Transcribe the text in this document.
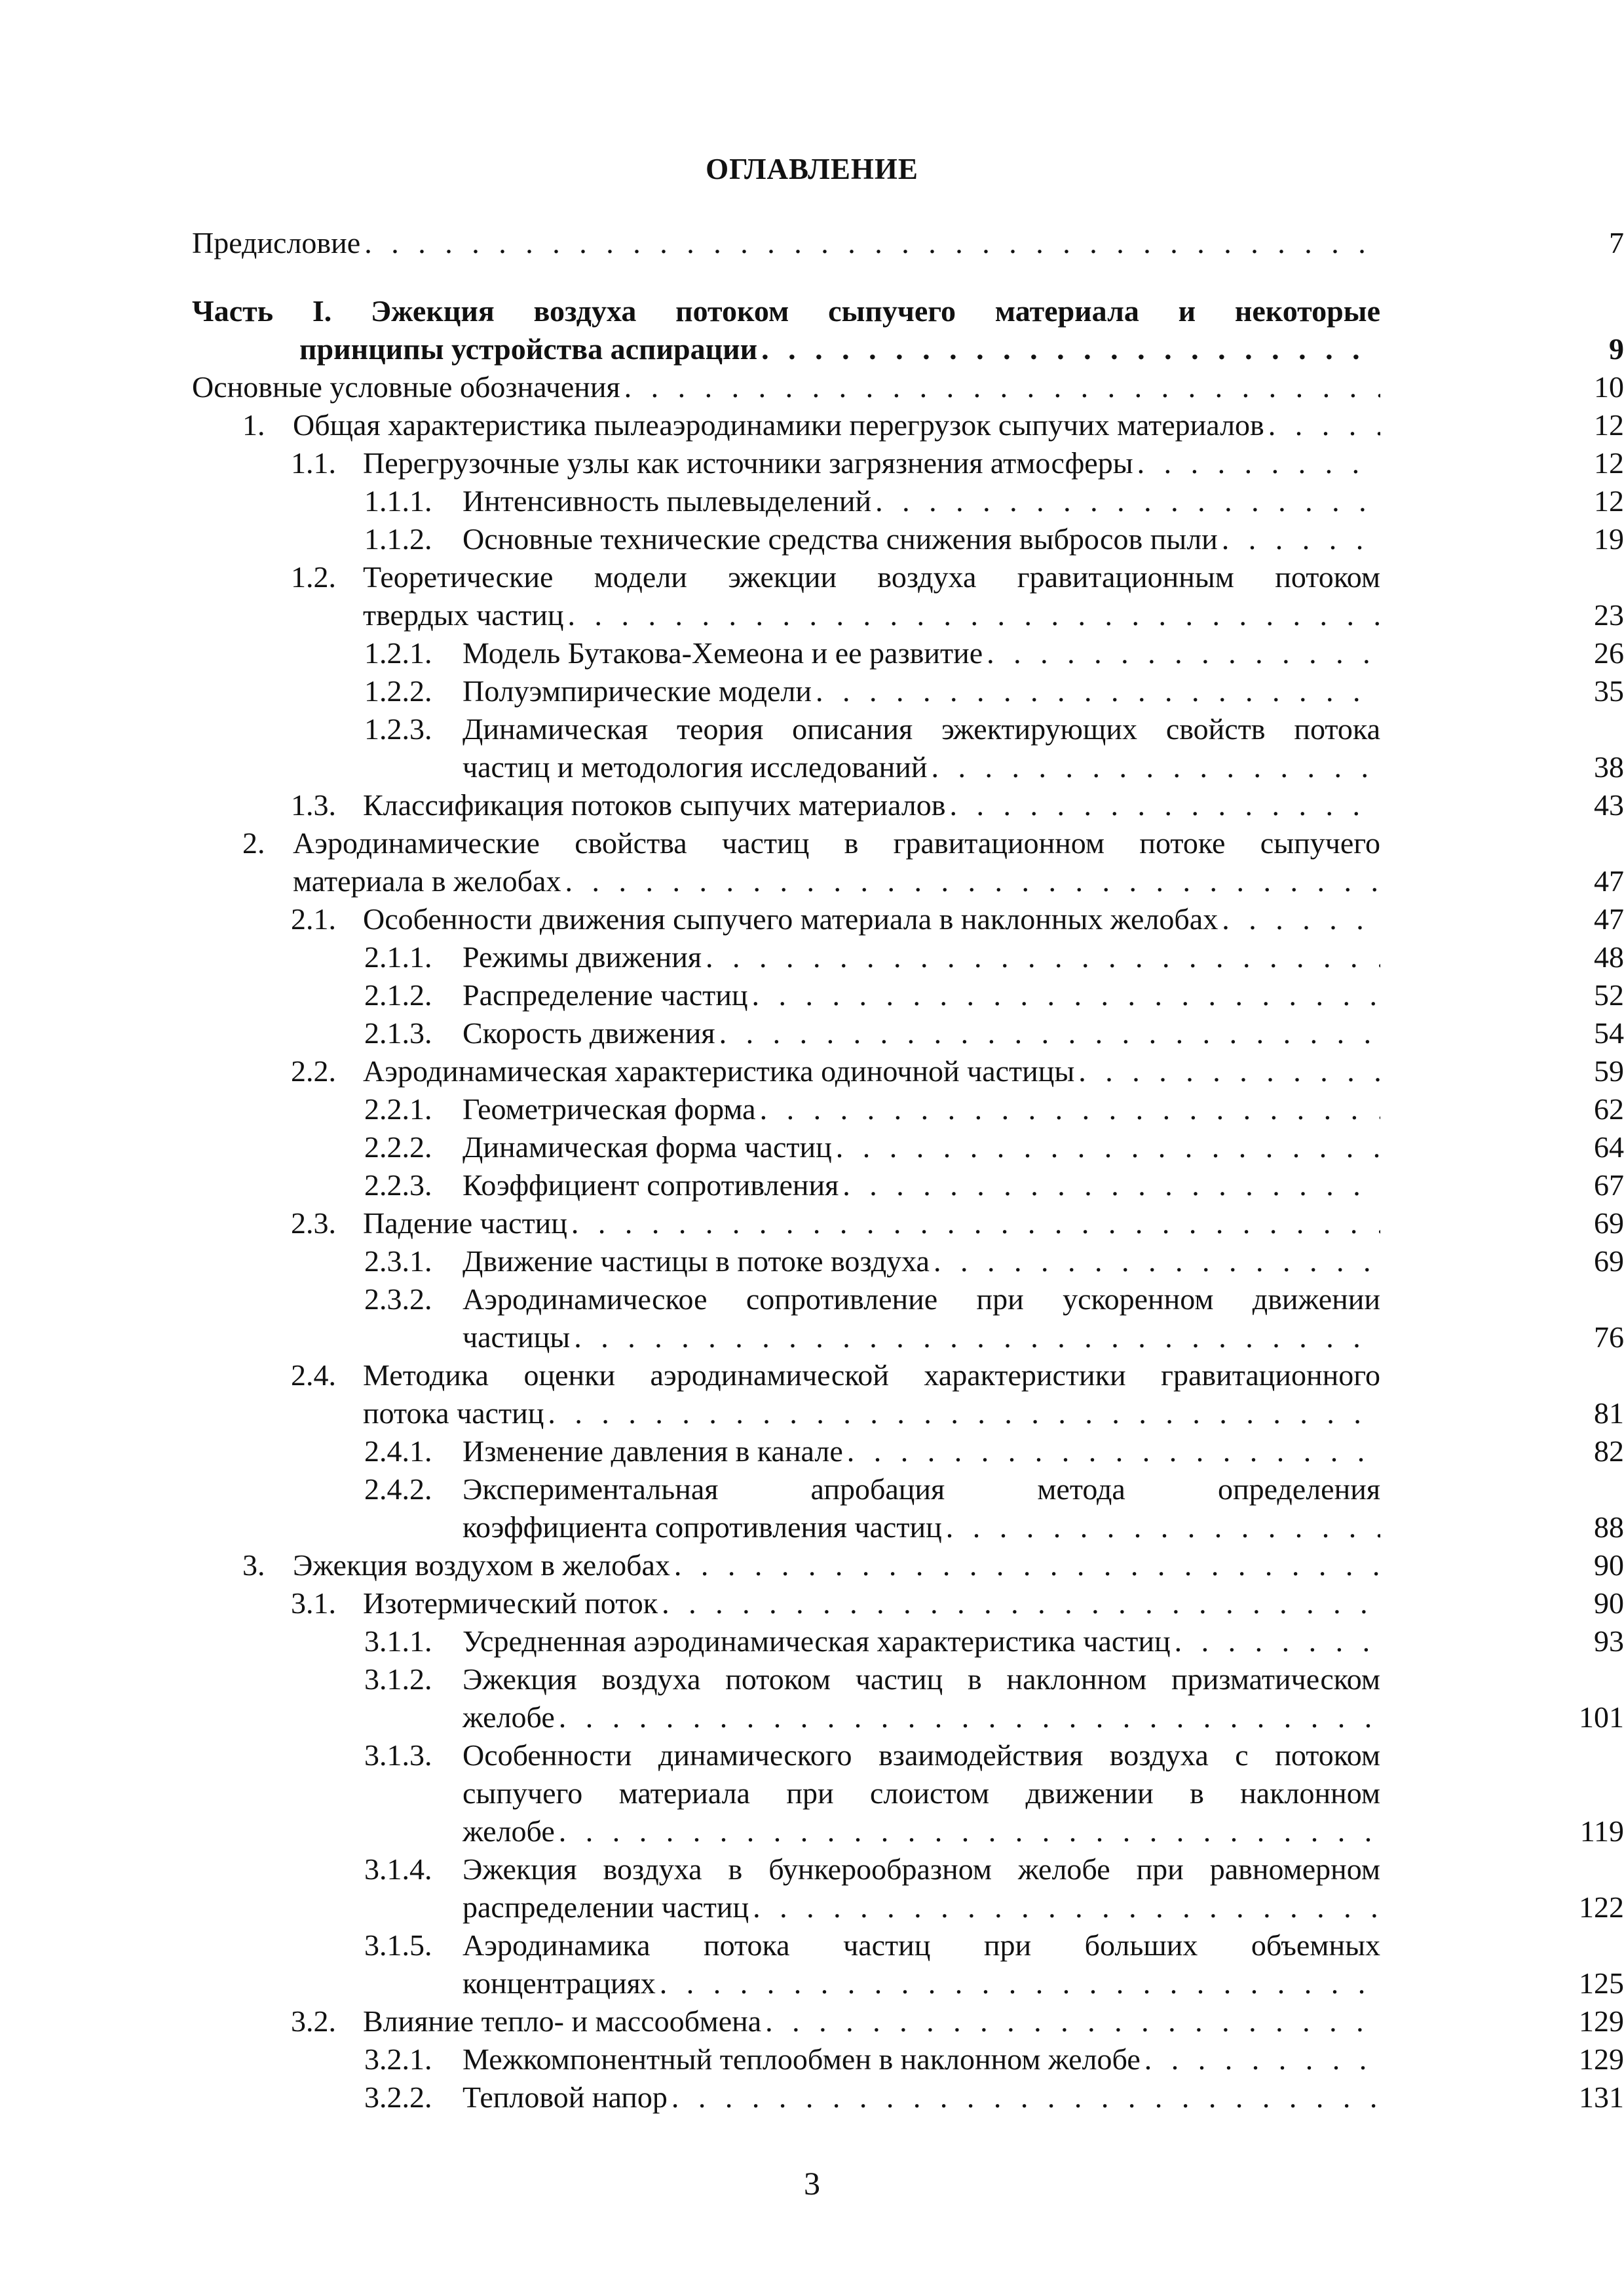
ОГЛАВЛЕНИЕ
Предисловие . . .	7
Часть I. Эжекция воздуха потоком сыпучего материала и некоторые
принципы устройства аспирации . . .	9
Основные условные обозначения . . .	10
1. Общая характеристика пылеаэродинамики перегрузок сыпучих материалов . . .	12
1.1. Перегрузочные узлы как источники загрязнения атмосферы . . .	12
1.1.1.	Интенсивность пылевыделений . . .	12
1.1.2.	Основные технические средства снижения выбросов пыли . . .	19
1.2. Теоретические модели эжекции воздуха гравитационным потоком
твердых частиц . . .	23
1.2.1.	Модель Бутакова-Хемеона и ее развитие . . .	26
1.2.2.	Полуэмпирические модели . . .	35
1.2.3.	Динамическая теория описания эжектирующих свойств потока
частиц и методология исследований . . .	38
1.3. Классификация потоков сыпучих материалов . . .	43
2. Аэродинамические свойства частиц в гравитационном потоке сыпучего
материала в желобах . . .	47
2.1. Особенности движения сыпучего материала в наклонных желобах . . .	47
2.1.1.	Режимы движения . . .	48
2.1.2.	Распределение частиц . . .	52
2.1.3.	Скорость движения . . .	54
2.2. Аэродинамическая характеристика одиночной частицы . . .	59
2.2.1.	Геометрическая форма . . .	62
2.2.2.	Динамическая форма частиц . . .	64
2.2.3.	Коэффициент сопротивления . . .	67
2.3. Падение частиц . . .	69
2.3.1.	Движение частицы в потоке воздуха . . .	69
2.3.2.	Аэродинамическое сопротивление при ускоренном движении
частицы . . .	76
2.4. Методика оценки аэродинамической характеристики гравитационного
потока частиц . . .	81
2.4.1.	Изменение давления в канале . . .	82
2.4.2.	Экспериментальная апробация метода определения
коэффициента сопротивления частиц . . .	88
3. Эжекция воздухом в желобах . . .	90
3.1. Изотермический поток . . .	90
3.1.1.	Усредненная аэродинамическая характеристика частиц . . .	93
3.1.2.	Эжекция воздуха потоком частиц в наклонном призматическом
желобе . . .	101
3.1.3.	Особенности динамического взаимодействия воздуха с потоком
сыпучего материала при слоистом движении в наклонном
желобе . . .	119
3.1.4.	Эжекция воздуха в бункерообразном желобе при равномерном
распределении частиц . . .	122
3.1.5.	Аэродинамика потока частиц при больших объемных
концентрациях . . .	125
3.2. Влияние тепло- и массообмена . . .	129
3.2.1.	Межкомпонентный теплообмен в наклонном желобе . . .	129
3.2.2.	Тепловой напор . . .	131

3
